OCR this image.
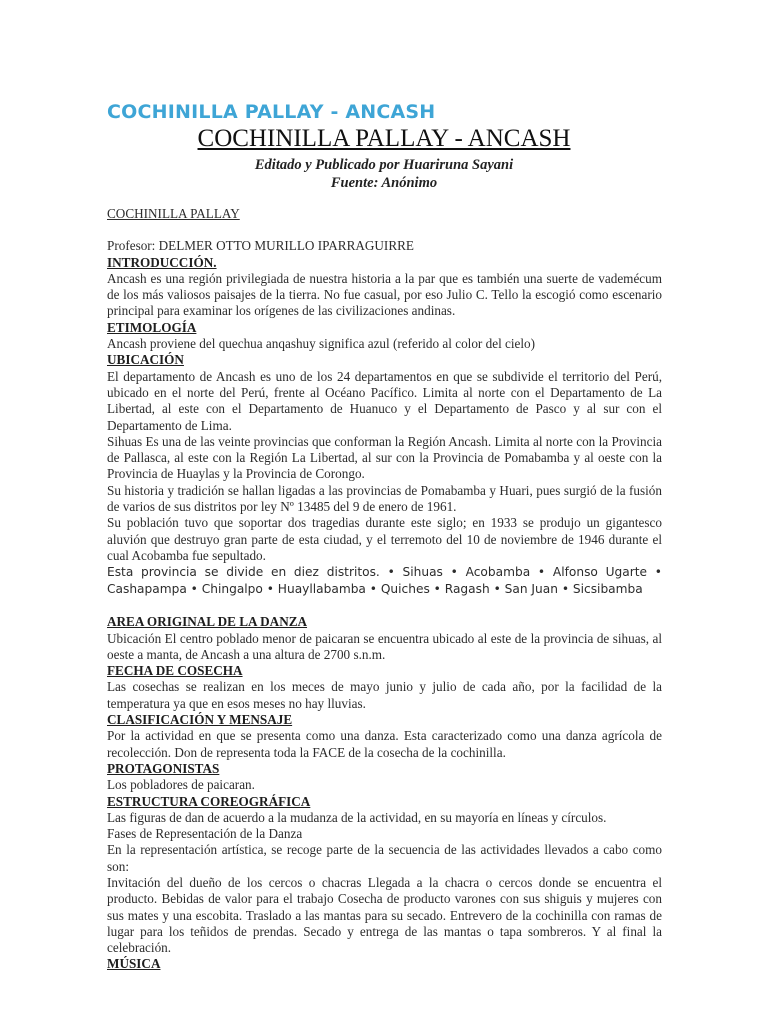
COCHINILLA PALLAY - ANCASH
COCHINILLA PALLAY - ANCASH
Editado y Publicado por Huariruna Sayani
Fuente: Anónimo

COCHINILLA PALLAY

Profesor: DELMER OTTO MURILLO IPARRAGUIRRE

INTRODUCCIÓN.

Ancash es una región privilegiada de nuestra historia a la par que es también una suerte de vademécum de los más valiosos paisajes de la tierra. No fue casual, por eso Julio C. Tello la escogió como escenario principal para examinar los orígenes de las civilizaciones andinas.

ETIMOLOGÍA

Ancash proviene del quechua anqashuy significa azul (referido al color del cielo)

UBICACIÓN

El departamento de Ancash es uno de los 24 departamentos en que se subdivide el territorio del Perú, ubicado en el norte del Perú, frente al Océano Pacífico. Limita al norte con el Departamento de La Libertad, al este con el Departamento de Huanuco y el Departamento de Pasco y al sur con el Departamento de Lima.

Sihuas Es una de las veinte provincias que conforman la Región Ancash. Limita al norte con la Provincia de Pallasca, al este con la Región La Libertad, al sur con la Provincia de Pomabamba y al oeste con la Provincia de Huaylas y la Provincia de Corongo.

Su historia y tradición se hallan ligadas a las provincias de Pomabamba y Huari, pues surgió de la fusión de varios de sus distritos por ley Nº 13485 del 9 de enero de 1961.

Su población tuvo que soportar dos tragedias durante este siglo; en 1933 se produjo un gigantesco aluvión que destruyo gran parte de esta ciudad, y el terremoto del 10 de noviembre de 1946 durante el cual Acobamba fue sepultado.

Esta provincia se divide en diez distritos. • Sihuas • Acobamba • Alfonso Ugarte • Cashapampa • Chingalpo • Huayllabamba • Quiches • Ragash • San Juan • Sicsibamba

AREA ORIGINAL DE LA DANZA

Ubicación El centro poblado menor de paicaran se encuentra ubicado al este de la provincia de sihuas, al oeste a manta, de Ancash a una altura de 2700 s.n.m.

FECHA DE COSECHA

Las cosechas se realizan en los meces de mayo junio y julio de cada año, por la facilidad de la temperatura ya que en esos meses no hay lluvias.

CLASIFICACIÓN Y MENSAJE

Por la actividad en que se presenta como una danza. Esta caracterizado como una danza agrícola de recolección. Don de representa toda la FACE de la cosecha de la cochinilla.

PROTAGONISTAS

Los pobladores de paicaran.

ESTRUCTURA COREOGRÁFICA

Las figuras de dan de acuerdo a la mudanza de la actividad, en su mayoría en líneas y círculos.

Fases de Representación de la Danza

En la representación artística, se recoge parte de la secuencia de las actividades llevados a cabo como son:

Invitación del dueño de los cercos o chacras Llegada a la chacra o cercos donde se encuentra el producto. Bebidas de valor para el trabajo Cosecha de producto varones con sus shiguis y mujeres con sus mates y una escobita. Traslado a las mantas para su secado. Entrevero de la cochinilla con ramas de lugar para los teñidos de prendas. Secado y entrega de las mantas o tapa sombreros. Y al final la celebración.

MÚSICA
